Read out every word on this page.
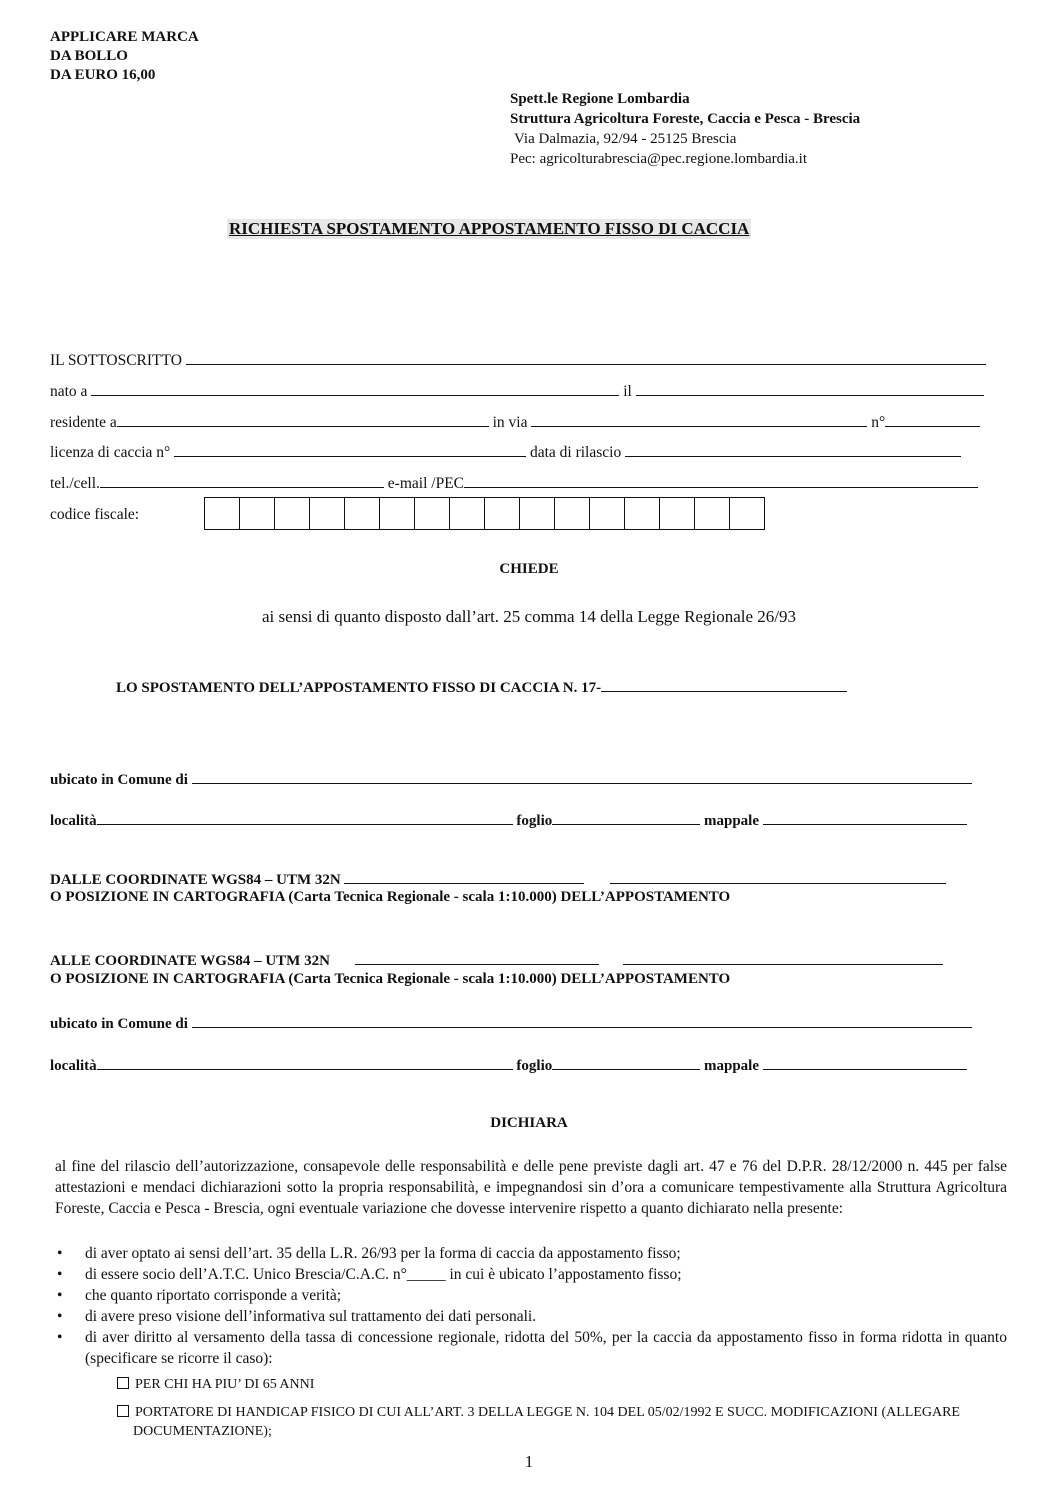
APPLICARE MARCA
DA BOLLO
DA EURO 16,00
Spett.le Regione Lombardia
Struttura Agricoltura Foreste, Caccia e Pesca - Brescia
Via Dalmazia, 92/94 - 25125 Brescia
Pec: agricolturabrescia@pec.regione.lombardia.it
RICHIESTA SPOSTAMENTO APPOSTAMENTO FISSO DI CACCIA
IL SOTTOSCRITTO
nato a	il
residente a	in via	n°
licenza di caccia n°	data di rilascio
tel./cell.	e-mail /PEC
codice fiscale:
CHIEDE
ai sensi di quanto disposto dall’art. 25 comma 14 della Legge Regionale 26/93
LO SPOSTAMENTO DELL’APPOSTAMENTO FISSO DI CACCIA N. 17-
ubicato in Comune di
località	foglio	mappale
DALLE COORDINATE WGS84 – UTM 32N
O POSIZIONE IN CARTOGRAFIA (Carta Tecnica Regionale - scala 1:10.000) DELL’APPOSTAMENTO
ALLE COORDINATE WGS84 – UTM 32N
O POSIZIONE IN CARTOGRAFIA (Carta Tecnica Regionale - scala 1:10.000) DELL’APPOSTAMENTO
ubicato in Comune di
località	foglio	mappale
DICHIARA
al fine del rilascio dell’autorizzazione, consapevole delle responsabilità e delle pene previste dagli art. 47 e 76 del D.P.R. 28/12/2000 n. 445 per false attestazioni e mendaci dichiarazioni sotto la propria responsabilità, e impegnandosi sin d’ora a comunicare tempestivamente alla Struttura Agricoltura Foreste, Caccia e Pesca - Brescia, ogni eventuale variazione che dovesse intervenire rispetto a quanto dichiarato nella presente:
• di aver optato ai sensi dell’art. 35 della L.R. 26/93 per la forma di caccia da appostamento fisso;
• di essere socio dell’A.T.C. Unico Brescia/C.A.C. n°_____ in cui è ubicato l’appostamento fisso;
• che quanto riportato corrisponde a verità;
• di avere preso visione dell’informativa sul trattamento dei dati personali.
• di aver diritto al versamento della tassa di concessione regionale, ridotta del 50%, per la caccia da appostamento fisso in forma ridotta in quanto (specificare se ricorre il caso):
PER CHI HA PIU’ DI 65 ANNI
PORTATORE DI HANDICAP FISICO DI CUI ALL’ART. 3 DELLA LEGGE N. 104 DEL 05/02/1992 E SUCC. MODIFICAZIONI (ALLEGARE DOCUMENTAZIONE);
1
